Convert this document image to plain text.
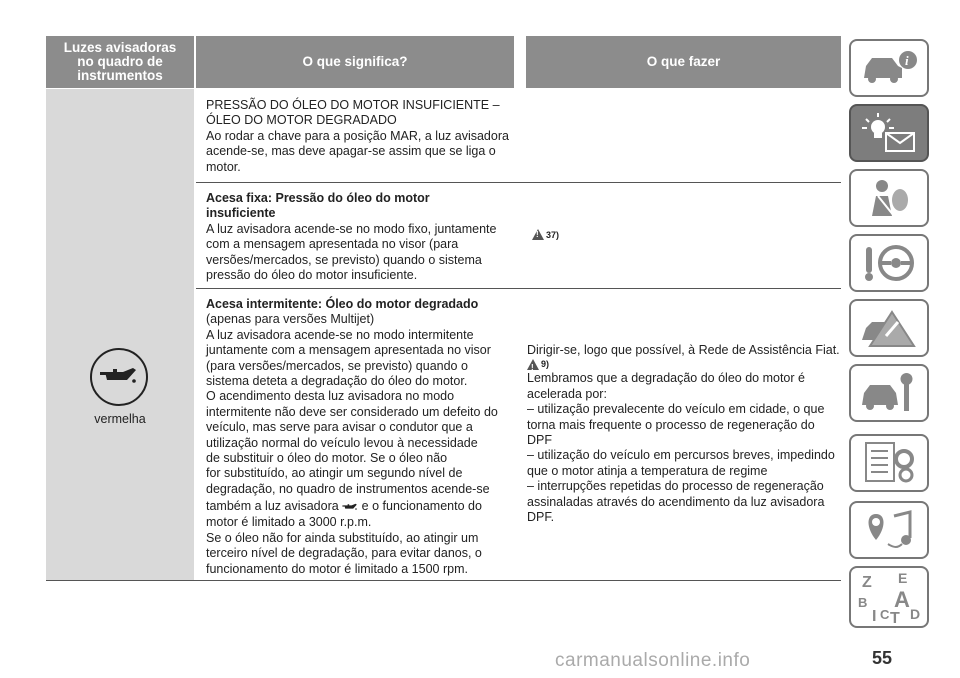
Luzes avisadoras no quadro de instrumentos
O que significa?	O que fazer
vermelha
PRESSÃO DO ÓLEO DO MOTOR INSUFICIENTE –
ÓLEO DO MOTOR DEGRADADO
Ao rodar a chave para a posição MAR, a luz avisadora
acende-se, mas deve apagar-se assim que se liga o
motor.
Acesa fixa: Pressão do óleo do motor
insuficiente
A luz avisadora acende-se no modo fixo, juntamente
com a mensagem apresentada no visor (para
versões/mercados, se previsto) quando o sistema
pressão do óleo do motor insuficiente.
!
37)
Acesa intermitente: Óleo do motor degradado
(apenas para versões Multijet)
A luz avisadora acende-se no modo intermitente
juntamente com a mensagem apresentada no visor
(para versões/mercados, se previsto) quando o
sistema deteta a degradação do óleo do motor.
O acendimento desta luz avisadora no modo
intermitente não deve ser considerado um defeito do
veículo, mas serve para avisar o condutor que a
utilização normal do veículo levou à necessidade
de substituir o óleo do motor. Se o óleo não
for substituído, ao atingir um segundo nível de
degradação, no quadro de instrumentos acende-se
também a luz avisadora e o funcionamento do
motor é limitado a 3000 r.p.m.
Se o óleo não for ainda substituído, ao atingir um
terceiro nível de degradação, para evitar danos, o
funcionamento do motor é limitado a 1500 rpm.
Dirigir-se, logo que possível, à Rede de Assistência Fiat.
!
9)
Lembramos que a degradação do óleo do motor é
acelerada por:
– utilização prevalecente do veículo em cidade, o que
torna mais frequente o processo de regeneração do
DPF
– utilização do veículo em percursos breves, impedindo
que o motor atinja a temperatura de regime
– interrupções repetidas do processo de regeneração
assinaladas através do acendimento da luz avisadora
DPF.
i
Z E
B A
I C T D
55
carmanualsonline.info
